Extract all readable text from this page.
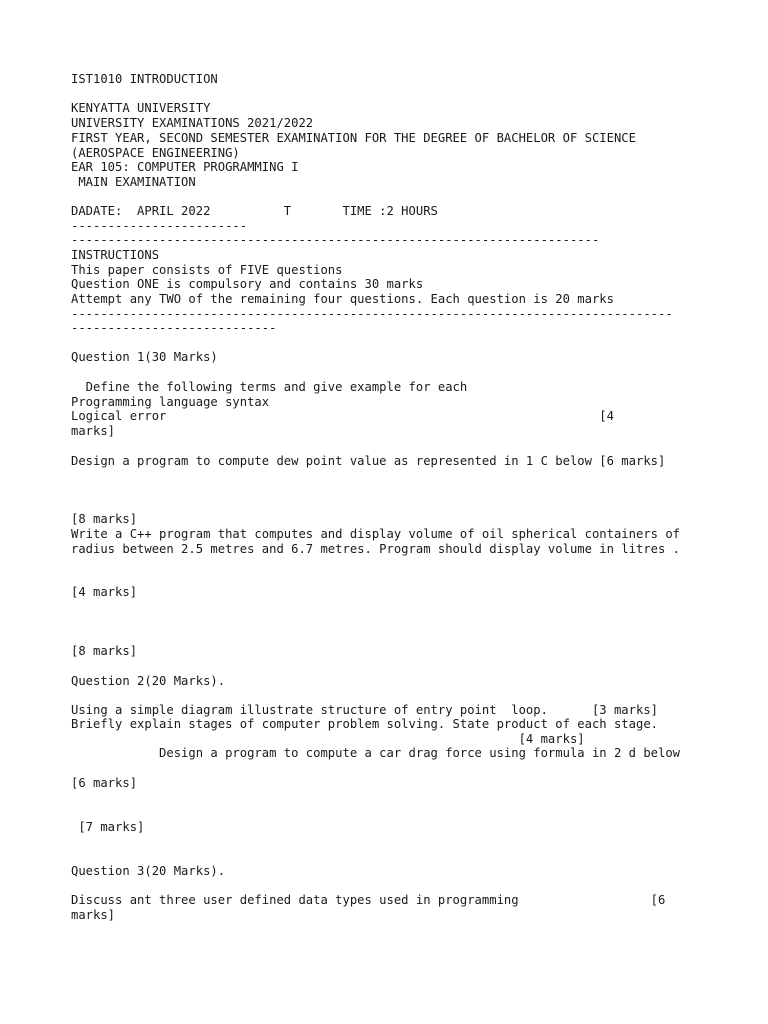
IST1010 INTRODUCTION
KENYATTA UNIVERSITY
UNIVERSITY EXAMINATIONS 2021/2022
FIRST YEAR, SECOND SEMESTER EXAMINATION FOR THE DEGREE OF BACHELOR OF SCIENCE
(AEROSPACE ENGINEERING)
EAR 105: COMPUTER PROGRAMMING I
MAIN EXAMINATION
DADATE:  APRIL 2022          T       TIME :2 HOURS
------------------------
------------------------------------------------------------------------
INSTRUCTIONS
This paper consists of FIVE questions
Question ONE is compulsory and contains 30 marks
Attempt any TWO of the remaining four questions. Each question is 20 marks
----------------------------------------------------------------------------------
----------------------------
Question 1(30 Marks)
Define the following terms and give example for each
Programming language syntax
Logical error                                                           [4
marks]
Design a program to compute dew point value as represented in 1 C below [6 marks]
[8 marks]
Write a C++ program that computes and display volume of oil spherical containers of
radius between 2.5 metres and 6.7 metres. Program should display volume in litres .
[4 marks]
[8 marks]
Question 2(20 Marks).
Using a simple diagram illustrate structure of entry point  loop.      [3 marks]
Briefly explain stages of computer problem solving. State product of each stage.
[4 marks]
Design a program to compute a car drag force using formula in 2 d below
[6 marks]
[7 marks]
Question 3(20 Marks).
Discuss ant three user defined data types used in programming                  [6
marks]
